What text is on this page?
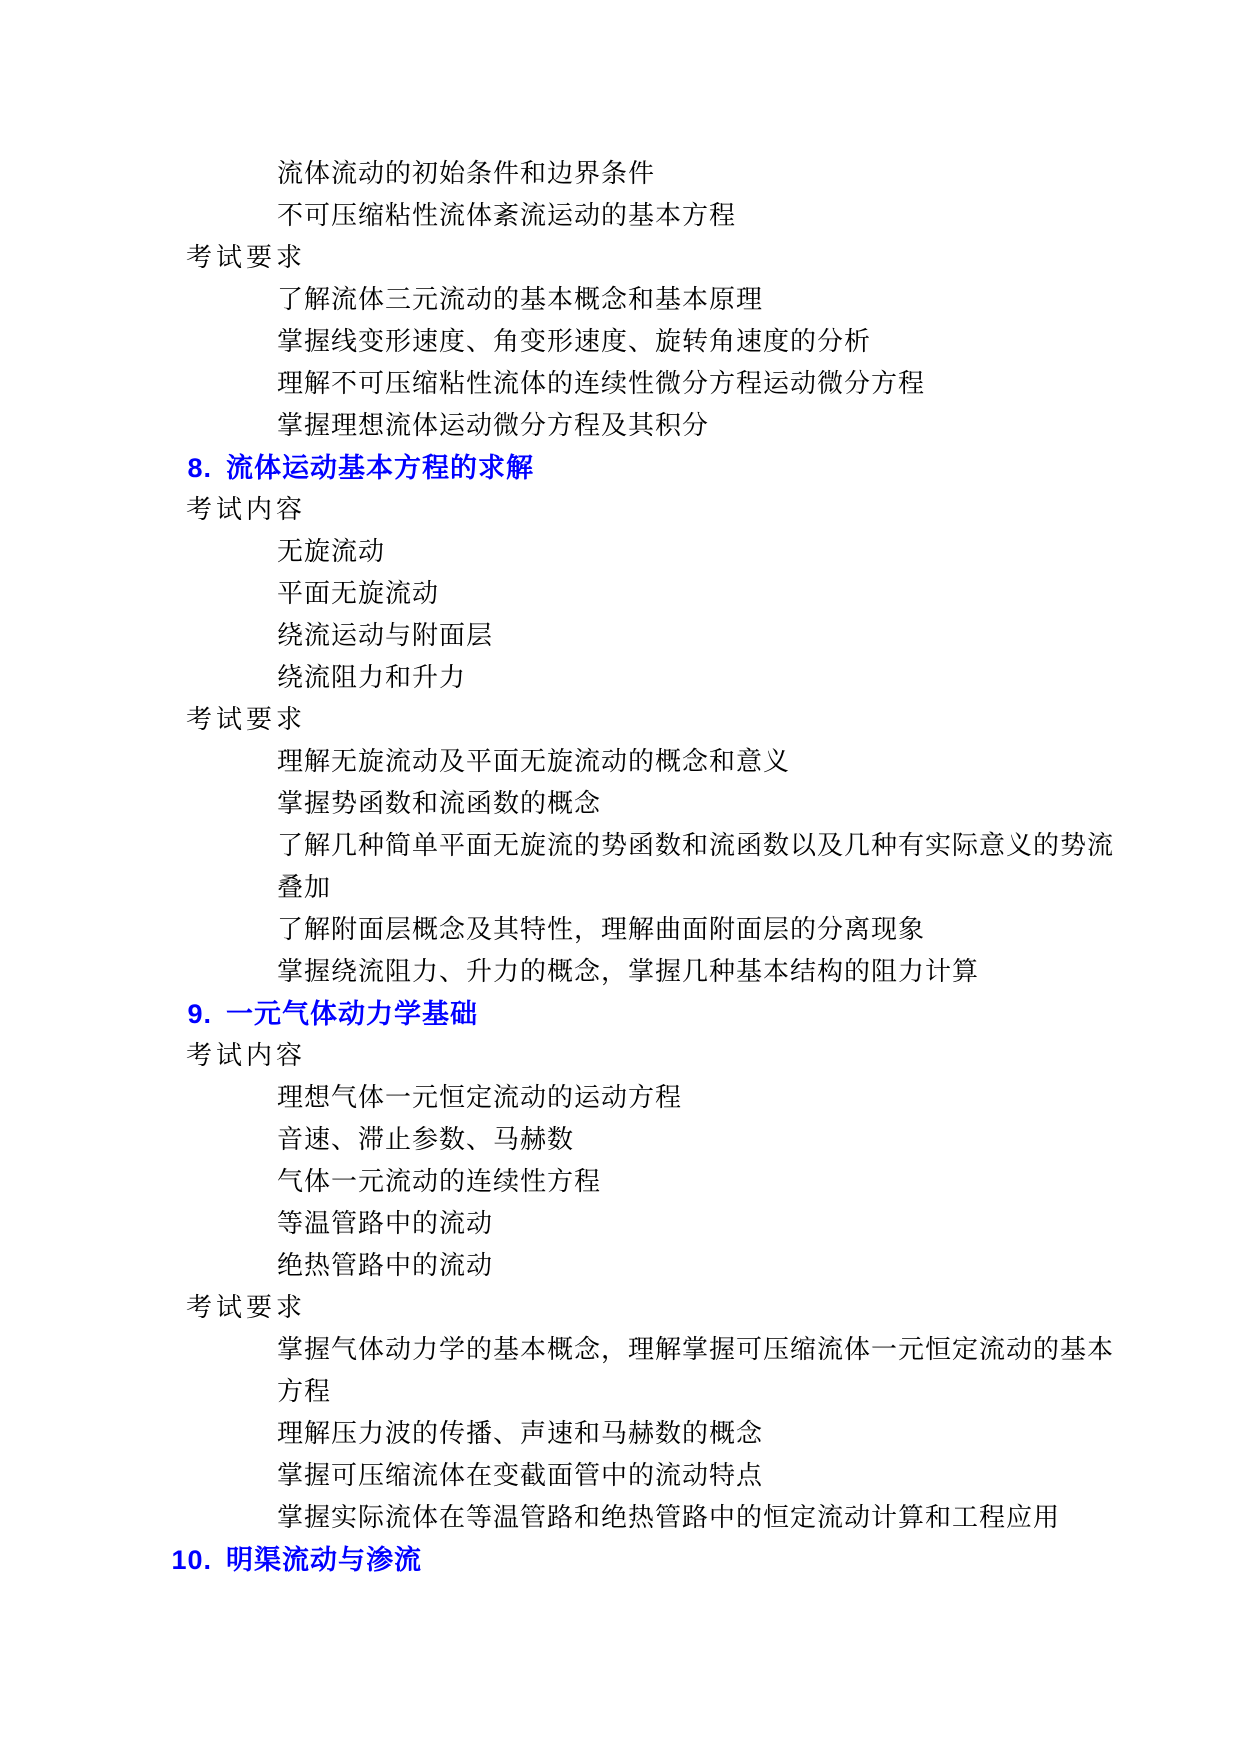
流体流动的初始条件和边界条件
不可压缩粘性流体紊流运动的基本方程
考试要求
了解流体三元流动的基本概念和基本原理
掌握线变形速度、角变形速度、旋转角速度的分析
理解不可压缩粘性流体的连续性微分方程运动微分方程
掌握理想流体运动微分方程及其积分
8. 流体运动基本方程的求解
考试内容
无旋流动
平面无旋流动
绕流运动与附面层
绕流阻力和升力
考试要求
理解无旋流动及平面无旋流动的概念和意义
掌握势函数和流函数的概念
了解几种简单平面无旋流的势函数和流函数以及几种有实际意义的势流
叠加
了解附面层概念及其特性，理解曲面附面层的分离现象
掌握绕流阻力、升力的概念，掌握几种基本结构的阻力计算
9. 一元气体动力学基础
考试内容
理想气体一元恒定流动的运动方程
音速、滞止参数、马赫数
气体一元流动的连续性方程
等温管路中的流动
绝热管路中的流动
考试要求
掌握气体动力学的基本概念，理解掌握可压缩流体一元恒定流动的基本
方程
理解压力波的传播、声速和马赫数的概念
掌握可压缩流体在变截面管中的流动特点
掌握实际流体在等温管路和绝热管路中的恒定流动计算和工程应用
10. 明渠流动与渗流
